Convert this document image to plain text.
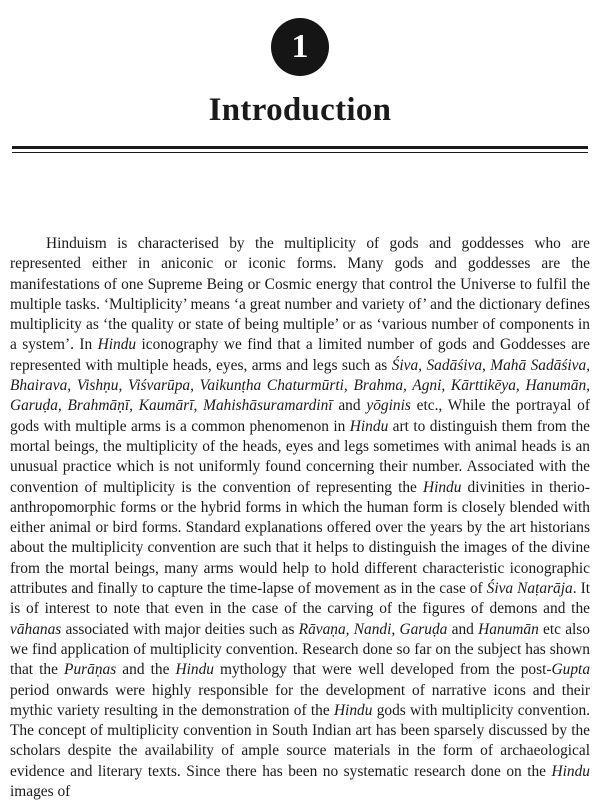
1
Introduction

Hinduism is characterised by the multiplicity of gods and goddesses who are represented either in aniconic or iconic forms. Many gods and goddesses are the manifestations of one Supreme Being or Cosmic energy that control the Universe to fulfil the multiple tasks. ‘Multiplicity’ means ‘a great number and variety of’ and the dictionary defines multiplicity as ‘the quality or state of being multiple’ or as ‘various number of components in a system’. In Hindu iconography we find that a limited number of gods and Goddesses are represented with multiple heads, eyes, arms and legs such as Śiva, Sadāśiva, Mahā Sadāśiva, Bhairava, Vishṇu, Viśvarūpa, Vaikunṭha Chaturmūrti, Brahma, Agni, Kārttikēya, Hanumān, Garuḍa, Brahmāṇī, Kaumārī, Mahishāsuramardinī and yōginis etc., While the portrayal of gods with multiple arms is a common phenomenon in Hindu art to distinguish them from the mortal beings, the multiplicity of the heads, eyes and legs sometimes with animal heads is an unusual practice which is not uniformly found concerning their number. Associated with the convention of multiplicity is the convention of representing the Hindu divinities in therio-anthropomorphic forms or the hybrid forms in which the human form is closely blended with either animal or bird forms. Standard explanations offered over the years by the art historians about the multiplicity convention are such that it helps to distinguish the images of the divine from the mortal beings, many arms would help to hold different characteristic iconographic attributes and finally to capture the time-lapse of movement as in the case of Śiva Naṭarāja. It is of interest to note that even in the case of the carving of the figures of demons and the vāhanas associated with major deities such as Rāvaṇa, Nandi, Garuḍa and Hanumān etc also we find application of multiplicity convention. Research done so far on the subject has shown that the Purāṇas and the Hindu mythology that were well developed from the post-Gupta period onwards were highly responsible for the development of narrative icons and their mythic variety resulting in the demonstration of the Hindu gods with multiplicity convention. The concept of multiplicity convention in South Indian art has been sparsely discussed by the scholars despite the availability of ample source materials in the form of archaeological evidence and literary texts. Since there has been no systematic research done on the Hindu images of
